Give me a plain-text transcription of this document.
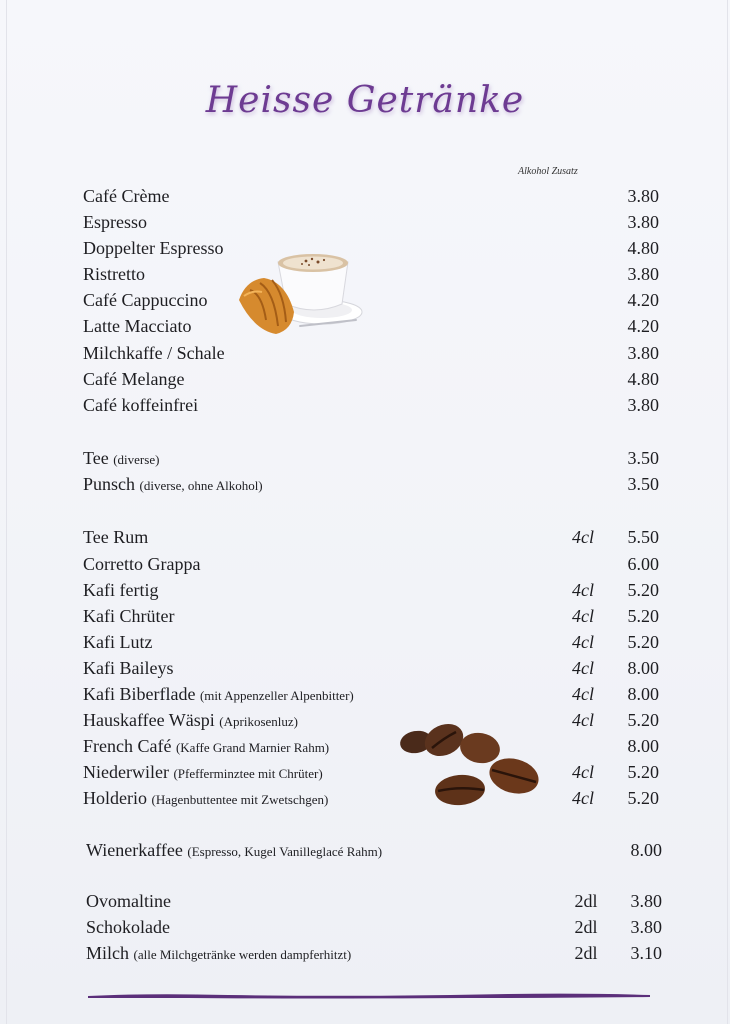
Heisse Getränke
Alkohol Zusatz
Café Crème	3.80
Espresso	3.80
Doppelter Espresso	4.80
Ristretto	3.80
Café Cappuccino	4.20
Latte Macciato	4.20
Milchkaffe / Schale	3.80
Café Melange	4.80
Café koffeinfrei	3.80
Tee (diverse)	3.50
Punsch (diverse, ohne Alkohol)	3.50
Tee Rum	4cl 5.50
Corretto Grappa	6.00
Kafi fertig	4cl 5.20
Kafi Chrüter	4cl 5.20
Kafi Lutz	4cl 5.20
Kafi Baileys	4cl 8.00
Kafi Biberflade (mit Appenzeller Alpenbitter)	4cl 8.00
Hauskaffee Wäspi (Aprikosenluz)	4cl 5.20
French Café (Kaffe Grand Marnier Rahm)	8.00
Niederwiler (Pfefferminztee mit Chrüter)	4cl 5.20
Holderio (Hagenbuttentee mit Zwetschgen)	4cl 5.20
Wienerkaffee (Espresso, Kugel Vanilleglacé Rahm)	8.00
Ovomaltine	2dl 3.80
Schokolade	2dl 3.80
Milch (alle Milchgetränke werden dampferhitzt)	2dl 3.10
